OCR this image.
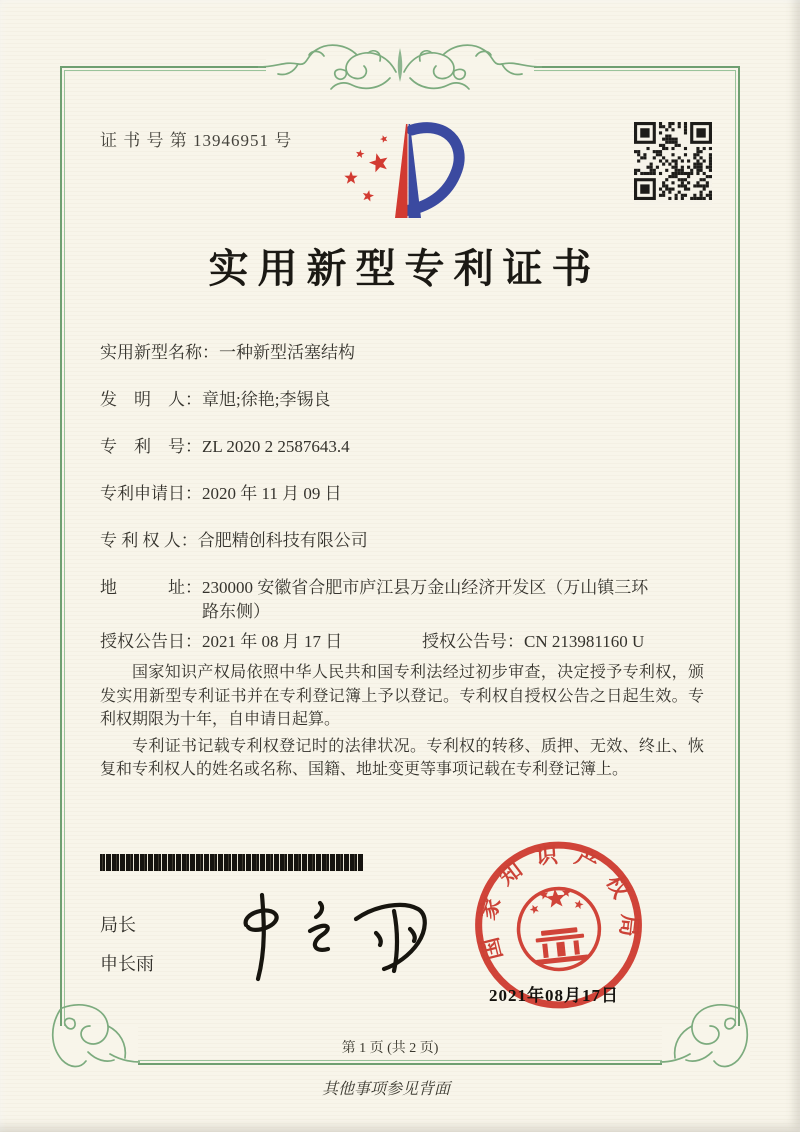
证 书 号 第 13946951 号
实用新型专利证书
实用新型名称： 一种新型活塞结构
发　明　人： 章旭;徐艳;李锡良
专　利　号： ZL 2020 2 2587643.4
专利申请日： 2020 年 11 月 09 日
专 利 权 人： 合肥精创科技有限公司
地　　　址： 230000 安徽省合肥市庐江县万金山经济开发区（万山镇三环路东侧）
授权公告日：2021 年 08 月 17 日	授权公告号：CN 213981160 U

国家知识产权局依照中华人民共和国专利法经过初步审查，决定授予专利权，颁发实用新型专利证书并在专利登记簿上予以登记。专利权自授权公告之日起生效。专利权期限为十年，自申请日起算。

专利证书记载专利权登记时的法律状况。专利权的转移、质押、无效、终止、恢复和专利权人的姓名或名称、国籍、地址变更等事项记载在专利登记簿上。

局长
申长雨
国家知识产权局
2021年08月17日
第 1 页 (共 2 页)
其他事项参见背面
